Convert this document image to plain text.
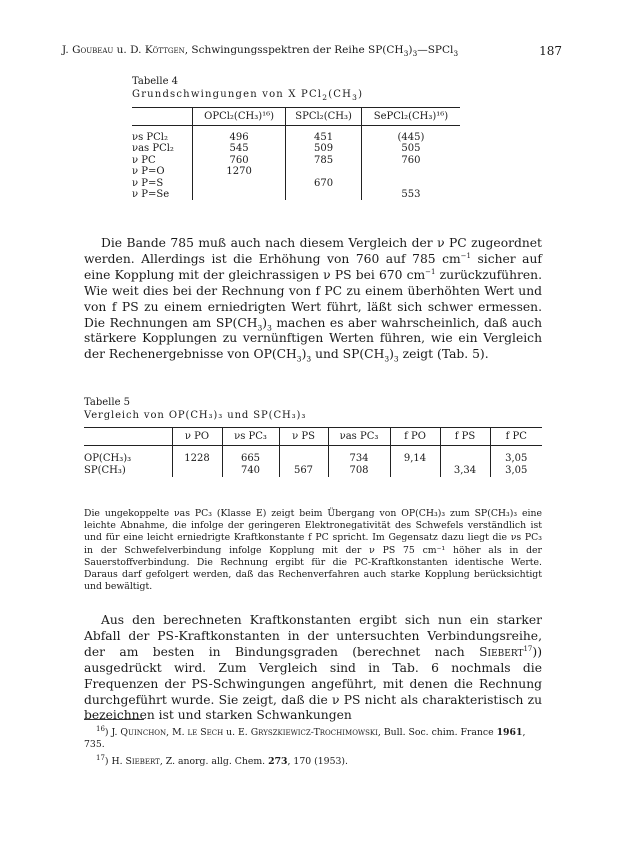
J. Goubeau u. D. Köttgen, Schwingungsspektren der Reihe $SP(CH_3)_3—SPCl_3$	187
Tabelle 4
Grundschwingungen von X $PCl_2(CH_3)$
	OPCl₂(CH₃)¹⁶)	SPCl₂(CH₃)	SePCl₂(CH₃)¹⁶)
νs PCl₂	496	451	(445)
νas PCl₂	545	509	505
ν PC	760	785	760
ν P=O	1270		
ν P=S		670	
ν P=Se			553

Die Bande 785 muß auch nach diesem Vergleich der ν PC zugeordnet werden. Allerdings ist die Erhöhung von 760 auf 785 $cm^{-1}$ sicher auf eine Kopplung mit der gleichrassigen ν PS bei 670 $cm^{-1}$ zurückzuführen. Wie weit dies bei der Rechnung von f PC zu einem überhöhten Wert und von f PS zu einem erniedrigten Wert führt, läßt sich schwer ermessen. Die Rechnungen am $SP(CH_3)_3$ machen es aber wahrscheinlich, daß auch stärkere Kopplungen zu vernünftigen Werten führen, wie ein Vergleich der Rechenergebnisse von $OP(CH_3)_3$ und $SP(CH_3)_3$ zeigt (Tab. 5).

Tabelle 5
Vergleich von OP(CH₃)₃ und SP(CH₃)₃
	ν PO	νs PC₃	ν PS	νas PC₃	f PO	f PS	f PC
OP(CH₃)₃	1228	665		734	9,14		3,05
SP(CH₃)		740	567	708		3,34	3,05

Die ungekoppelte νas PC₃ (Klasse E) zeigt beim Übergang von OP(CH₃)₃ zum SP(CH₃)₃ eine leichte Abnahme, die infolge der geringeren Elektronegativität des Schwefels verständlich ist und für eine leicht erniedrigte Kraftkonstante f PC spricht. Im Gegensatz dazu liegt die νs PC₃ in der Schwefelverbindung infolge Kopplung mit der ν PS 75 cm⁻¹ höher als in der Sauerstoffverbindung. Die Rechnung ergibt für die PC-Kraftkonstanten identische Werte. Daraus darf gefolgert werden, daß das Rechenverfahren auch starke Kopplung berücksichtigt und bewältigt.

Aus den berechneten Kraftkonstanten ergibt sich nun ein starker Abfall der PS-Kraftkonstanten in der untersuchten Verbindungsreihe, der am besten in Bindungsgraden (berechnet nach Siebert$^{17}$)) ausgedrückt wird. Zum Vergleich sind in Tab. 6 nochmals die Frequenzen der PS-Schwingungen angeführt, mit denen die Rechnung durchgeführt wurde. Sie zeigt, daß die ν PS nicht als charakteristisch zu bezeichnen ist und starken Schwankungen

$^{16}$) J. Quinchon, M. le Sech u. E. Gryszkiewicz-Trochimowski, Bull. Soc. chim. France 1961, 735.

$^{17}$) H. Siebert, Z. anorg. allg. Chem. 273, 170 (1953).
